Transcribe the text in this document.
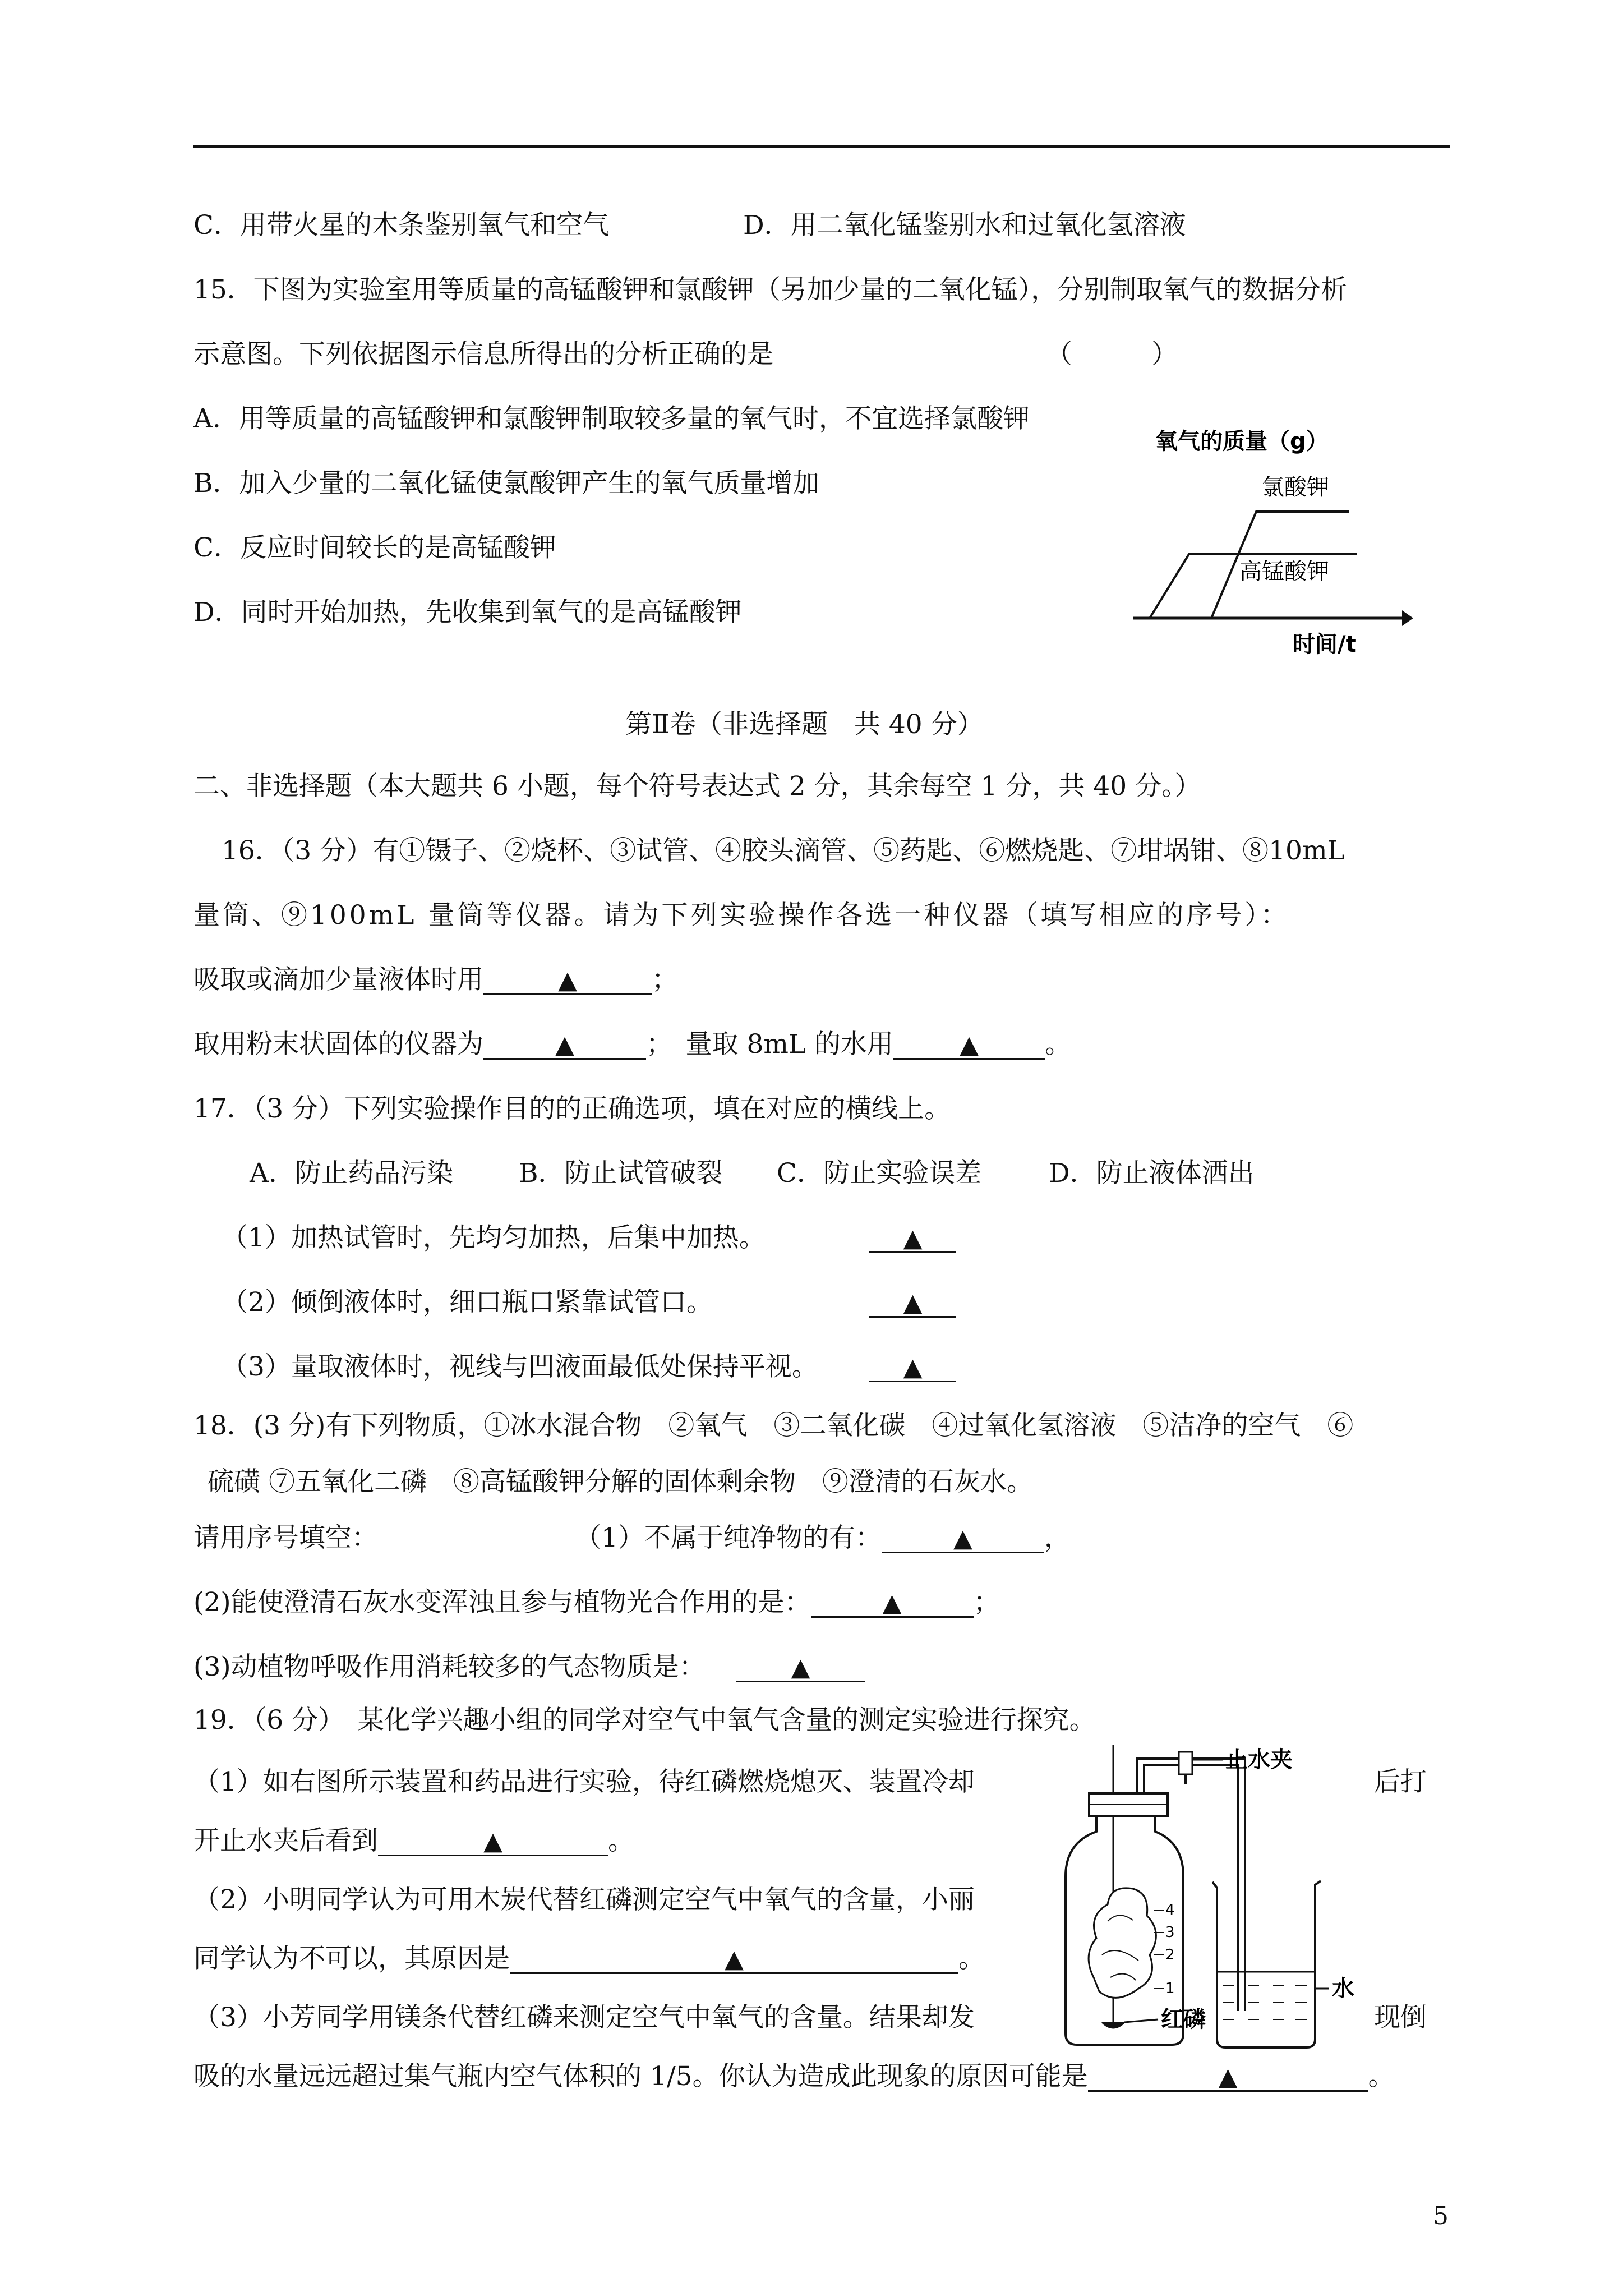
C．用带火星的木条鉴别氧气和空气	D．用二氧化锰鉴别水和过氧化氢溶液
15．下图为实验室用等质量的高锰酸钾和氯酸钾（另加少量的二氧化锰），分别制取氧气的数据分析
示意图。下列依据图示信息所得出的分析正确的是	（　　　）
A．用等质量的高锰酸钾和氯酸钾制取较多量的氧气时，不宜选择氯酸钾
B．加入少量的二氧化锰使氯酸钾产生的氧气质量增加
C．反应时间较长的是高锰酸钾
D．同时开始加热，先收集到氧气的是高锰酸钾
氧气的质量（g）
氯酸钾
高锰酸钾
时间/t
第Ⅱ卷（非选择题　共 40 分）
二、非选择题（本大题共 6 小题，每个符号表达式 2 分，其余每空 1 分，共 40 分。）
16．（3 分）有①镊子、②烧杯、③试管、④胶头滴管、⑤药匙、⑥燃烧匙、⑦坩埚钳、⑧10mL
量筒、⑨100mL 量筒等仪器。请为下列实验操作各选一种仪器（填写相应的序号）：
吸取或滴加少量液体时用	▲	；
取用粉末状固体的仪器为	▲	；　量取 8mL 的水用	▲	。
17．（3 分）下列实验操作目的的正确选项，填在对应的横线上。
A．防止药品污染 B．防止试管破裂 C．防止实验误差	D．防止液体洒出
（1）加热试管时，先均匀加热，后集中加热。	▲
（2）倾倒液体时，细口瓶口紧靠试管口。	▲
（3）量取液体时，视线与凹液面最低处保持平视。	▲
18．(3 分)有下列物质，①冰水混合物　②氧气　③二氧化碳　④过氧化氢溶液　⑤洁净的空气　⑥
硫磺 ⑦五氧化二磷　⑧高锰酸钾分解的固体剩余物　⑨澄清的石灰水。
请用序号填空：	（1）不属于纯净物的有：	▲	，
(2)能使澄清石灰水变浑浊且参与植物光合作用的是：	▲	；
(3)动植物呼吸作用消耗较多的气态物质是：	▲
19．（6 分）　某化学兴趣小组的同学对空气中氧气含量的测定实验进行探究。
（1）如右图所示装置和药品进行实验，待红磷燃烧熄灭、装置冷却	后打
开止水夹后看到	▲	。
（2）小明同学认为可用木炭代替红磷测定空气中氧气的含量，小丽
同学认为不可以，其原因是	▲	。
（3）小芳同学用镁条代替红磷来测定空气中氧气的含量。结果却发	现倒
吸的水量远远超过集气瓶内空气体积的 1/5。你认为造成此现象的原因可能是	▲	。
止水夹
4
3
2
1
红磷
水
5
